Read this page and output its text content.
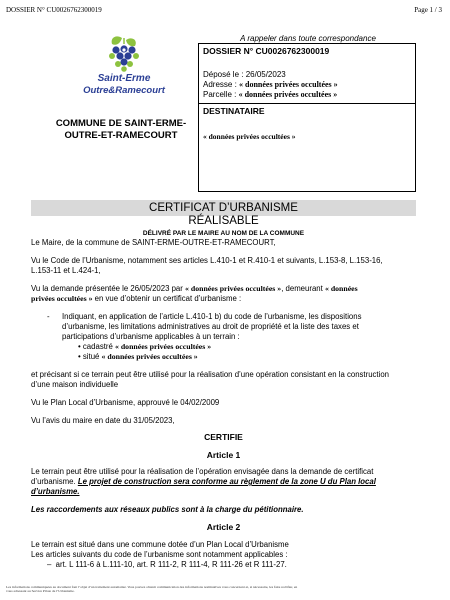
DOSSIER N° CU0026762300019	Page 1 / 3
Saint-Erme
Outre&Ramecourt
COMMUNE DE SAINT-ERME-
OUTRE-ET-RAMECOURT
A rappeler dans toute correspondance
DOSSIER N° CU0026762300019
Déposé le : 26/05/2023
Adresse : « données privées occultées »
Parcelle : « données privées occultées »
DESTINATAIRE
« données privées occultées »
CERTIFICAT D’URBANISME
RÉALISABLE
DÉLIVRÉ PAR LE MAIRE AU NOM DE LA COMMUNE
Le Maire, de la commune de SAINT-ERME-OUTRE-ET-RAMECOURT,
Vu le Code de l’Urbanisme, notamment ses articles L.410-1 et R.410-1 et suivants, L.153-8, L.153-16,
L.153-11 et L.424-1,
Vu la demande présentée le 26/05/2023 par « données privées occultées », demeurant « données
privées occultées » en vue d’obtenir un certificat d’urbanisme :
- Indiquant, en application de l’article L.410-1 b) du code de l’urbanisme, les dispositions
d’urbanisme, les limitations administratives au droit de propriété et la liste des taxes et
participations d’urbanisme applicables à un terrain :
• cadastré « données privées occultées »
• situé « données privées occultées »
et précisant si ce terrain peut être utilisé pour la réalisation d’une opération consistant en la construction
d’une maison individuelle
Vu le Plan Local d’Urbanisme, approuvé le 04/02/2009
Vu l’avis du maire en date du 31/05/2023,
CERTIFIE
Article 1
Le terrain peut être utilisé pour la réalisation de l’opération envisagée dans la demande de certificat
d’urbanisme. Le projet de construction sera conforme au règlement de la zone U du Plan local
d’urbanisme.
Les raccordements aux réseaux publics sont à la charge du pétitionnaire.
Article 2
Le terrain est situé dans une commune dotée d’un Plan Local d’Urbanisme
Les articles suivants du code de l’urbanisme sont notamment applicables :
–  art. L 111-6 à L.111-10, art. R 111-2, R 111-4, R 111-26 et R 111-27.
Les informations communiquées au document font l’objet d’un traitement automatisé. Vous pouvez obtenir communication des informations nominatives vous concernant et, si nécessaire, les faire rectifier, en
vous adressant au Service Pilote de l’Urbanisme.
